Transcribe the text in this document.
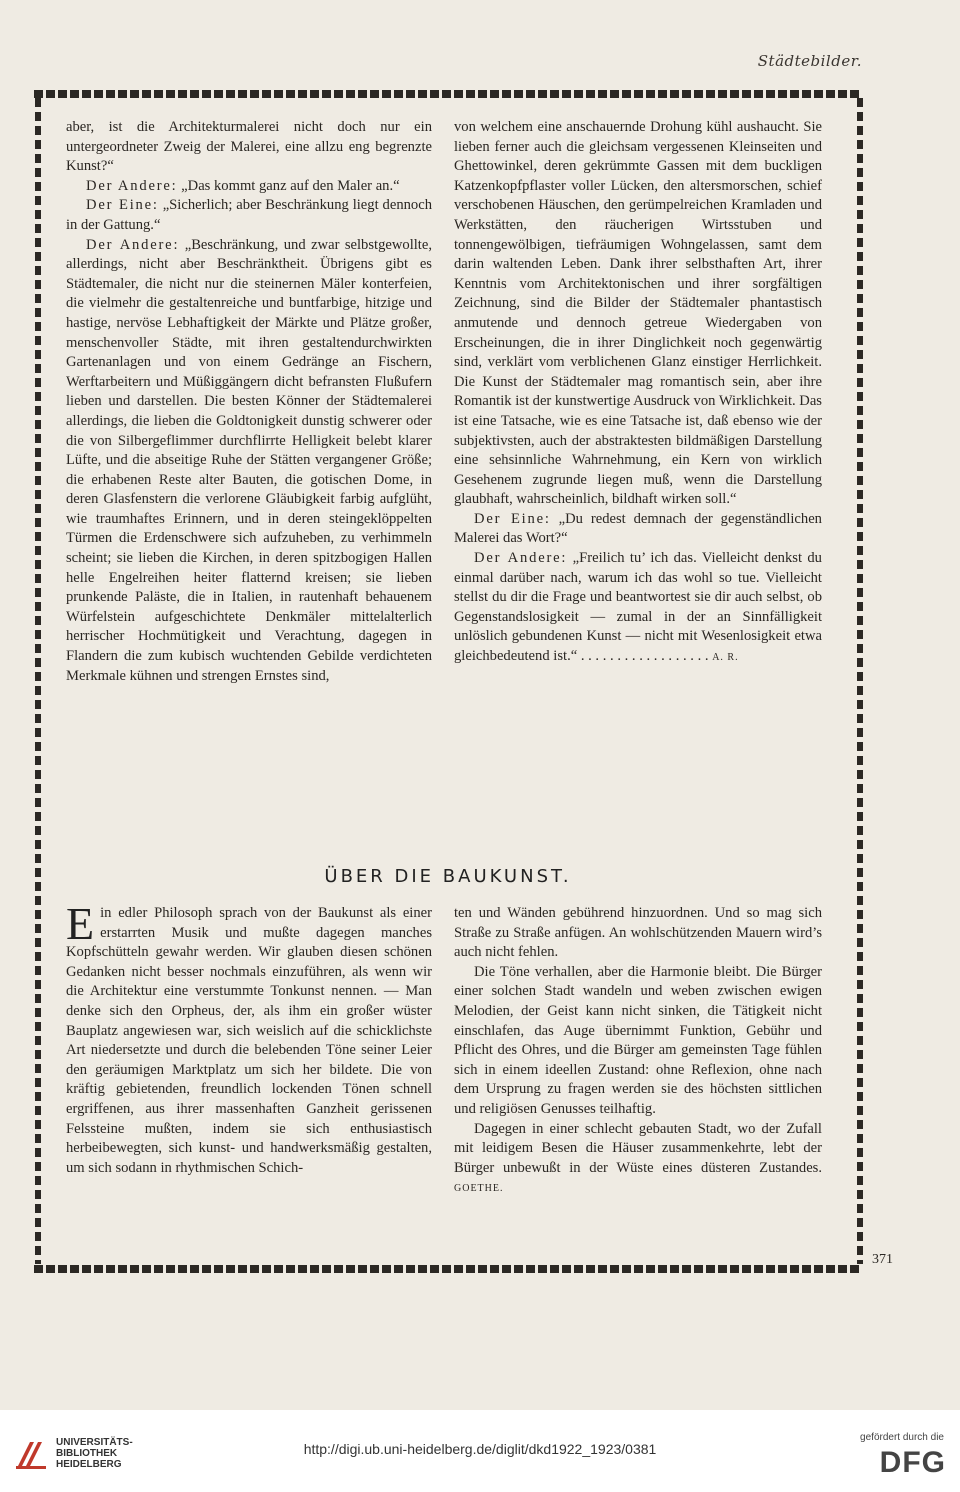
Städtebilder.
371

aber, ist die Architekturmalerei nicht doch nur ein untergeordneter Zweig der Malerei, eine allzu eng begrenzte Kunst?“

Der Andere: „Das kommt ganz auf den Maler an.“

Der Eine: „Sicherlich; aber Beschränkung liegt dennoch in der Gattung.“

Der Andere: „Beschränkung, und zwar selbstgewollte, allerdings, nicht aber Beschränktheit. Übrigens gibt es Städtemaler, die nicht nur die steinernen Mäler konterfeien, die vielmehr die gestaltenreiche und buntfarbige, hitzige und hastige, nervöse Lebhaftigkeit der Märkte und Plätze großer, menschenvoller Städte, mit ihren gestaltendurchwirkten Gartenanlagen und von einem Gedränge an Fischern, Werftarbeitern und Müßiggängern dicht befransten Flußufern lieben und darstellen. Die besten Könner der Städtemalerei allerdings, die lieben die Goldtonigkeit dunstig schwerer oder die von Silbergeflimmer durchflirrte Helligkeit belebt klarer Lüfte, und die abseitige Ruhe der Stätten vergangener Größe; die erhabenen Reste alter Bauten, die gotischen Dome, in deren Glasfenstern die verlorene Gläubigkeit farbig aufglüht, wie traumhaftes Erinnern, und in deren steingeklöppelten Türmen die Erdenschwere sich aufzuheben, zu verhimmeln scheint; sie lieben die Kirchen, in deren spitzbogigen Hallen helle Engelreihen heiter flatternd kreisen; sie lieben prunkende Paläste, die in Italien, in rautenhaft behauenem Würfelstein aufgeschichtete Denkmäler mittelalterlich herrischer Hochmütigkeit und Verachtung, dagegen in Flandern die zum kubisch wuchtenden Gebilde verdichteten Merkmale kühnen und strengen Ernstes sind,

von welchem eine anschauernde Drohung kühl aushaucht. Sie lieben ferner auch die gleichsam vergessenen Kleinseiten und Ghettowinkel, deren gekrümmte Gassen mit dem buckligen Katzenkopfpflaster voller Lücken, den altersmorschen, schief verschobenen Häuschen, den gerümpelreichen Kramladen und Werkstätten, den räucherigen Wirtsstuben und tonnengewölbigen, tiefräumigen Wohngelassen, samt dem darin waltenden Leben. Dank ihrer selbsthaften Art, ihrer Kenntnis vom Architektonischen und ihrer sorgfältigen Zeichnung, sind die Bilder der Städtemaler phantastisch anmutende und dennoch getreue Wiedergaben von Erscheinungen, die in ihrer Dinglichkeit noch gegenwärtig sind, verklärt vom verblichenen Glanz einstiger Herrlichkeit. Die Kunst der Städtemaler mag romantisch sein, aber ihre Romantik ist der kunstwertige Ausdruck von Wirklichkeit. Das ist eine Tatsache, wie es eine Tatsache ist, daß ebenso wie der subjektivsten, auch der abstraktesten bildmäßigen Darstellung eine sehsinnliche Wahrnehmung, ein Kern von wirklich Gesehenem zugrunde liegen muß, wenn die Darstellung glaubhaft, wahrscheinlich, bildhaft wirken soll.“

Der Eine: „Du redest demnach der gegenständlichen Malerei das Wort?“

Der Andere: „Freilich tu’ ich das. Vielleicht denkst du einmal darüber nach, warum ich das wohl so tue. Vielleicht stellst du dir die Frage und beantwortest sie dir auch selbst, ob Gegenstandslosigkeit — zumal in der an Sinnfälligkeit unlöslich gebundenen Kunst — nicht mit Wesenlosigkeit etwa gleichbedeutend ist.“ . . . . . . . . . . . . . . . . . . A. R.

ÜBER DIE BAUKUNST.

Ein edler Philosoph sprach von der Baukunst als einer erstarrten Musik und mußte dagegen manches Kopfschütteln gewahr werden. Wir glauben diesen schönen Gedanken nicht besser nochmals einzuführen, als wenn wir die Architektur eine verstummte Tonkunst nennen. — Man denke sich den Orpheus, der, als ihm ein großer wüster Bauplatz angewiesen war, sich weislich auf die schicklichste Art niedersetzte und durch die belebenden Töne seiner Leier den geräumigen Marktplatz um sich her bildete. Die von kräftig gebietenden, freundlich lockenden Tönen schnell ergriffenen, aus ihrer massenhaften Ganzheit gerissenen Felssteine mußten, indem sie sich enthusiastisch herbeibewegten, sich kunst- und handwerksmäßig gestalten, um sich sodann in rhythmischen Schich-

ten und Wänden gebührend hinzuordnen. Und so mag sich Straße zu Straße anfügen. An wohlschützenden Mauern wird’s auch nicht fehlen.

Die Töne verhallen, aber die Harmonie bleibt. Die Bürger einer solchen Stadt wandeln und weben zwischen ewigen Melodien, der Geist kann nicht sinken, die Tätigkeit nicht einschlafen, das Auge übernimmt Funktion, Gebühr und Pflicht des Ohres, und die Bürger am gemeinsten Tage fühlen sich in einem ideellen Zustand: ohne Reflexion, ohne nach dem Ursprung zu fragen werden sie des höchsten sittlichen und religiösen Genusses teilhaftig.

Dagegen in einer schlecht gebauten Stadt, wo der Zufall mit leidigem Besen die Häuser zusammenkehrte, lebt der Bürger unbewußt in der Wüste eines düsteren Zustandes. GOETHE.

UNIVERSITÄTS-
BIBLIOTHEK
HEIDELBERG
http://digi.ub.uni-heidelberg.de/diglit/dkd1922_1923/0381
gefördert durch die
DFG
